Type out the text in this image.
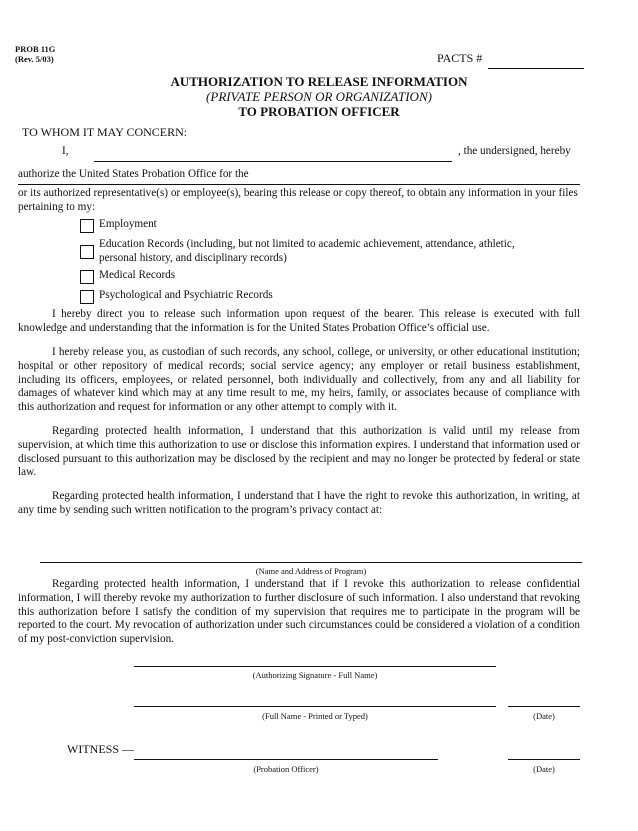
PROB 11G
(Rev. 5/03)	PACTS #
AUTHORIZATION TO RELEASE INFORMATION
(PRIVATE PERSON OR ORGANIZATION)
TO PROBATION OFFICER
TO WHOM IT MAY CONCERN:
I,	, the undersigned, hereby
authorize the United States Probation Office for the
or its authorized representative(s) or employee(s), bearing this release or copy thereof, to obtain any information in your files pertaining to my:
Employment
Education Records (including, but not limited to academic achievement, attendance, athletic, personal history, and disciplinary records)
Medical Records
Psychological and Psychiatric Records
I hereby direct you to release such information upon request of the bearer. This release is executed with full knowledge and understanding that the information is for the United States Probation Office’s official use.
I hereby release you, as custodian of such records, any school, college, or university, or other educational institution; hospital or other repository of medical records; social service agency; any employer or retail business establishment, including its officers, employees, or related personnel, both individually and collectively, from any and all liability for damages of whatever kind which may at any time result to me, my heirs, family, or associates because of compliance with this authorization and request for information or any other attempt to comply with it.
Regarding protected health information, I understand that this authorization is valid until my release from supervision, at which time this authorization to use or disclose this information expires. I understand that information used or disclosed pursuant to this authorization may be disclosed by the recipient and may no longer be protected by federal or state law.
Regarding protected health information, I understand that I have the right to revoke this authorization, in writing, at any time by sending such written notification to the program’s privacy contact at:
(Name and Address of Program)
Regarding protected health information, I understand that if I revoke this authorization to release confidential information, I will thereby revoke my authorization to further disclosure of such information. I also understand that revoking this authorization before I satisfy the condition of my supervision that requires me to participate in the program will be reported to the court. My revocation of authorization under such circumstances could be considered a violation of a condition of my post-conviction supervision.
(Authorizing Signature - Full Name)
(Full Name - Printed or Typed)	(Date)
WITNESS —
(Probation Officer)	(Date)
